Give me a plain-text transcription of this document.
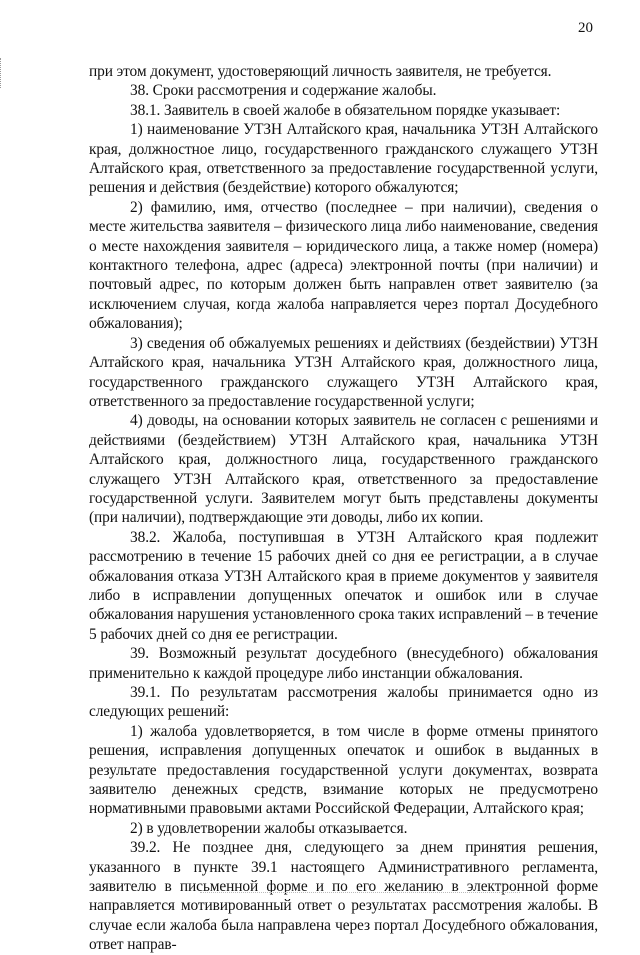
20

при этом документ, удостоверяющий личность заявителя, не требуется.

38. Сроки рассмотрения и содержание жалобы.

38.1. Заявитель в своей жалобе в обязательном порядке указывает:

1) наименование УТЗН Алтайского края, начальника УТЗН Алтайского края, должностное лицо, государственного гражданского служащего УТЗН Алтайского края, ответственного за предоставление государственной услуги, решения и действия (бездействие) которого обжалуются;

2) фамилию, имя, отчество (последнее – при наличии), сведения о месте жительства заявителя – физического лица либо наименование, сведения о месте нахождения заявителя – юридического лица, а также номер (номера) контактного телефона, адрес (адреса) электронной почты (при наличии) и почтовый адрес, по которым должен быть направлен ответ заявителю (за исключением случая, когда жалоба направляется через портал Досудебного обжалования);

3) сведения об обжалуемых решениях и действиях (бездействии) УТЗН Алтайского края, начальника УТЗН Алтайского края, должностного лица, государственного гражданского служащего УТЗН Алтайского края, ответственного за предоставление государственной услуги;

4) доводы, на основании которых заявитель не согласен с решениями и действиями (бездействием) УТЗН Алтайского края, начальника УТЗН Алтайского края, должностного лица, государственного гражданского служащего УТЗН Алтайского края, ответственного за предоставление государственной услуги. Заявителем могут быть представлены документы (при наличии), подтверждающие эти доводы, либо их копии.

38.2. Жалоба, поступившая в УТЗН Алтайского края подлежит рассмотрению в течение 15 рабочих дней со дня ее регистрации, а в случае обжалования отказа УТЗН Алтайского края в приеме документов у заявителя либо в исправлении допущенных опечаток и ошибок или в случае обжалования нарушения установленного срока таких исправлений – в течение 5 рабочих дней со дня ее регистрации.

39. Возможный результат досудебного (внесудебного) обжалования применительно к каждой процедуре либо инстанции обжалования.

39.1. По результатам рассмотрения жалобы принимается одно из следующих решений:

1) жалоба удовлетворяется, в том числе в форме отмены принятого решения, исправления допущенных опечаток и ошибок в выданных в результате предоставления государственной услуги документах, возврата заявителю денежных средств, взимание которых не предусмотрено нормативными правовыми актами Российской Федерации, Алтайского края;

2) в удовлетворении жалобы отказывается.

39.2. Не позднее дня, следующего за днем принятия решения, указанного в пункте 39.1 настоящего Административного регламента, заявителю в письменной форме и по его желанию в электронной форме направляется мотивированный ответ о результатах рассмотрения жалобы. В случае если жалоба была направлена через портал Досудебного обжалования, ответ направ-
